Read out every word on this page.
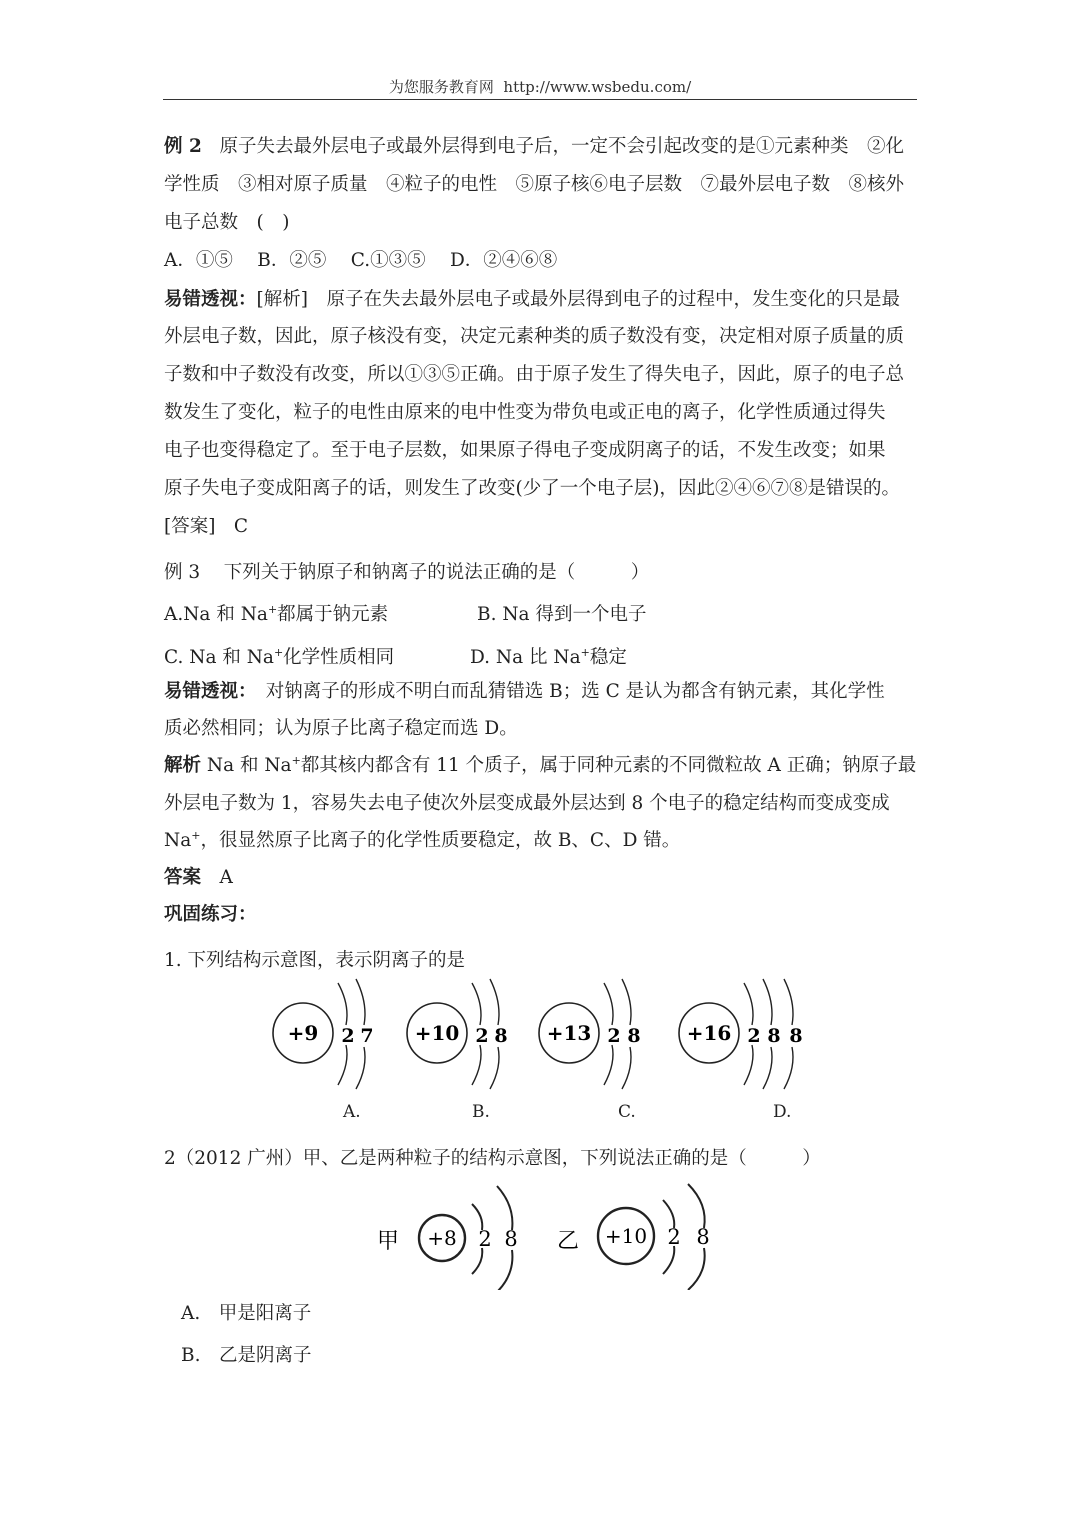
为您服务教育网 http://www.wsbedu.com/
例 2 原子失去最外层电子或最外层得到电子后，一定不会引起改变的是①元素种类　②化
学性质　③相对原子质量　④粒子的电性　⑤原子核⑥电子层数　⑦最外层电子数　⑧核外
电子总数　(　)
A．①⑤　 B．②⑤　 C.①③⑤　 D．②④⑥⑧
易错透视：[解析]　原子在失去最外层电子或最外层得到电子的过程中，发生变化的只是最
外层电子数，因此，原子核没有变，决定元素种类的质子数没有变，决定相对原子质量的质
子数和中子数没有改变，所以①③⑤正确。由于原子发生了得失电子，因此，原子的电子总
数发生了变化，粒子的电性由原来的电中性变为带负电或正电的离子，化学性质通过得失
电子也变得稳定了。至于电子层数，如果原子得电子变成阴离子的话，不发生改变；如果
原子失电子变成阳离子的话，则发生了改变(少了一个电子层)，因此②④⑥⑦⑧是错误的。
[答案]　C
例 3 下列关于钠原子和钠离子的说法正确的是（　　　）
A.Na 和 Na+都属于钠元素	B. Na 得到一个电子
C. Na 和 Na+化学性质相同	D. Na 比 Na+稳定
易错透视：　对钠离子的形成不明白而乱猜错选 B；选 C 是认为都含有钠元素，其化学性
质必然相同；认为原子比离子稳定而选 D。
解析 Na 和 Na+都其核内都含有 11 个质子，属于同种元素的不同微粒故 A 正确；钠原子最
外层电子数为 1，容易失去电子使次外层变成最外层达到 8 个电子的稳定结构而变成变成
Na+，很显然原子比离子的化学性质要稳定，故 B、C、D 错。
答案　A
巩固练习：
1. 下列结构示意图，表示阴离子的是
+9 2 7 +10 2 8 +13 2 8 +16 2 8 8
A.	B.	C.	D.
2（2012 广州）甲、乙是两种粒子的结构示意图，下列说法正确的是（　　　）
甲 +8 2 8 乙 +10 2 8
A.　甲是阳离子
B.　乙是阴离子
